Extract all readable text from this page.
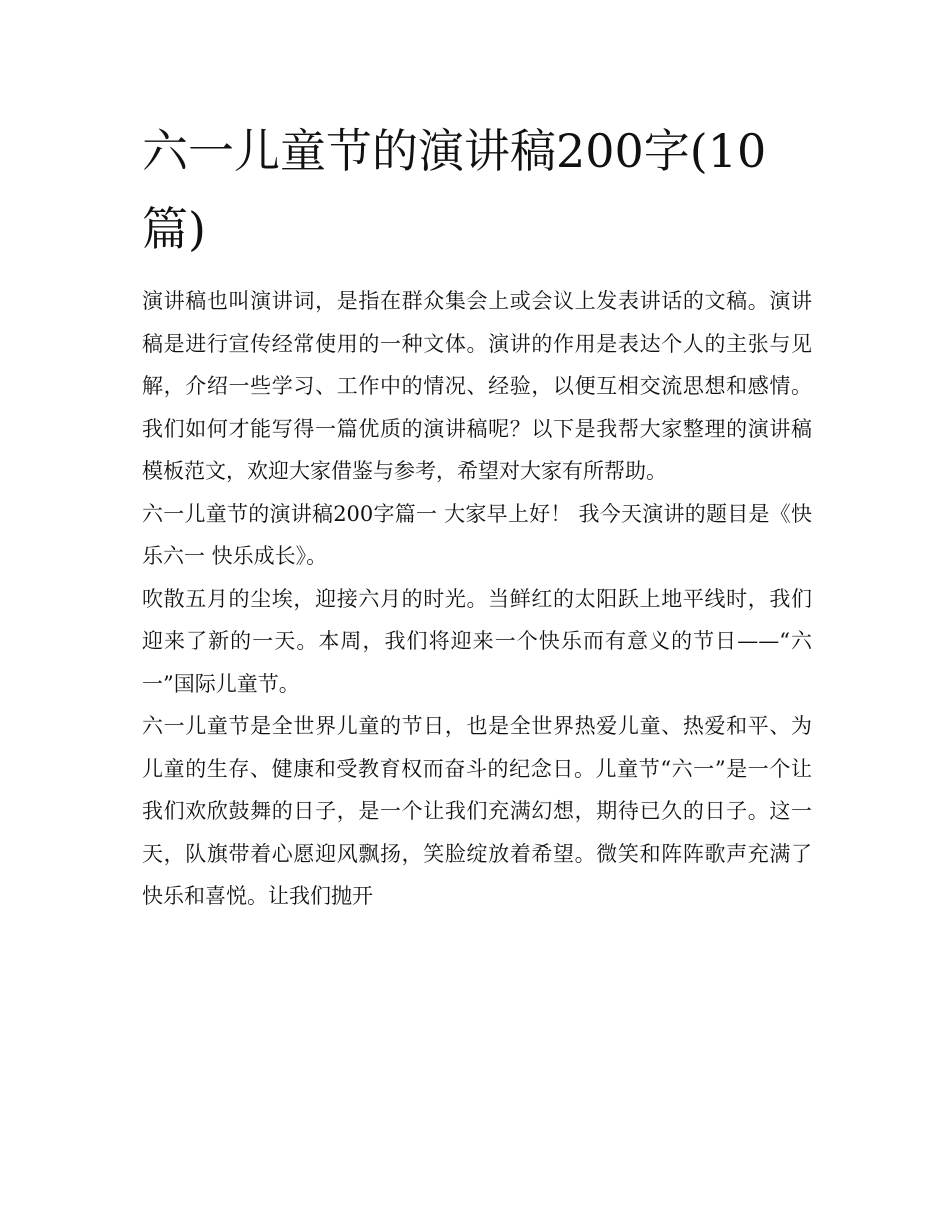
六一儿童节的演讲稿200字(10篇)

演讲稿也叫演讲词，是指在群众集会上或会议上发表讲话的文稿。演讲稿是进行宣传经常使用的一种文体。演讲的作用是表达个人的主张与见解，介绍一些学习、工作中的情况、经验，以便互相交流思想和感情。我们如何才能写得一篇优质的演讲稿呢？以下是我帮大家整理的演讲稿模板范文，欢迎大家借鉴与参考，希望对大家有所帮助。

六一儿童节的演讲稿200字篇一 大家早上好！ 我今天演讲的题目是《快乐六一 快乐成长》。

吹散五月的尘埃，迎接六月的时光。当鲜红的太阳跃上地平线时，我们迎来了新的一天。本周，我们将迎来一个快乐而有意义的节日——“六一”国际儿童节。

六一儿童节是全世界儿童的节日，也是全世界热爱儿童、热爱和平、为儿童的生存、健康和受教育权而奋斗的纪念日。儿童节“六一”是一个让我们欢欣鼓舞的日子，是一个让我们充满幻想，期待已久的日子。这一天，队旗带着心愿迎风飘扬，笑脸绽放着希望。微笑和阵阵歌声充满了快乐和喜悦。让我们抛开
